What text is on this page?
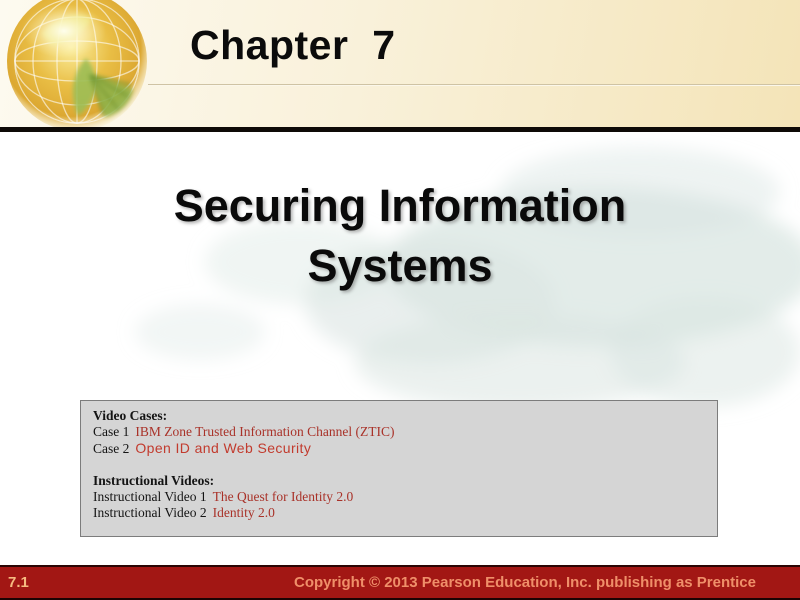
Chapter  7
Securing Information
Systems

Video Cases:

Case 1 IBM Zone Trusted Information Channel (ZTIC)

Case 2 Open ID and Web Security

Instructional Videos:

Instructional Video 1 The Quest for Identity 2.0

Instructional Video 2 Identity 2.0

7.1	Copyright © 2013 Pearson Education, Inc. publishing as Prentice
